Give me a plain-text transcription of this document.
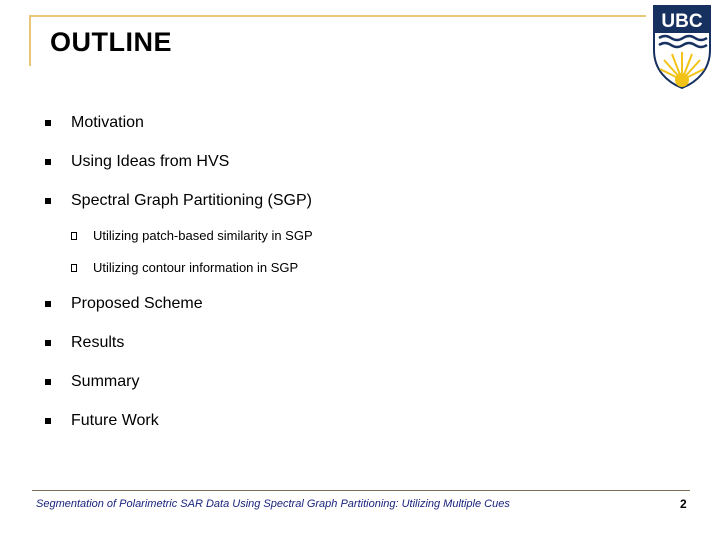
OUTLINE
UBC
Motivation
Using Ideas from HVS
Spectral Graph Partitioning (SGP)
Utilizing patch-based similarity in SGP
Utilizing contour information in SGP
Proposed Scheme
Results
Summary
Future Work
Segmentation of Polarimetric SAR Data Using Spectral Graph Partitioning: Utilizing Multiple Cues	2
